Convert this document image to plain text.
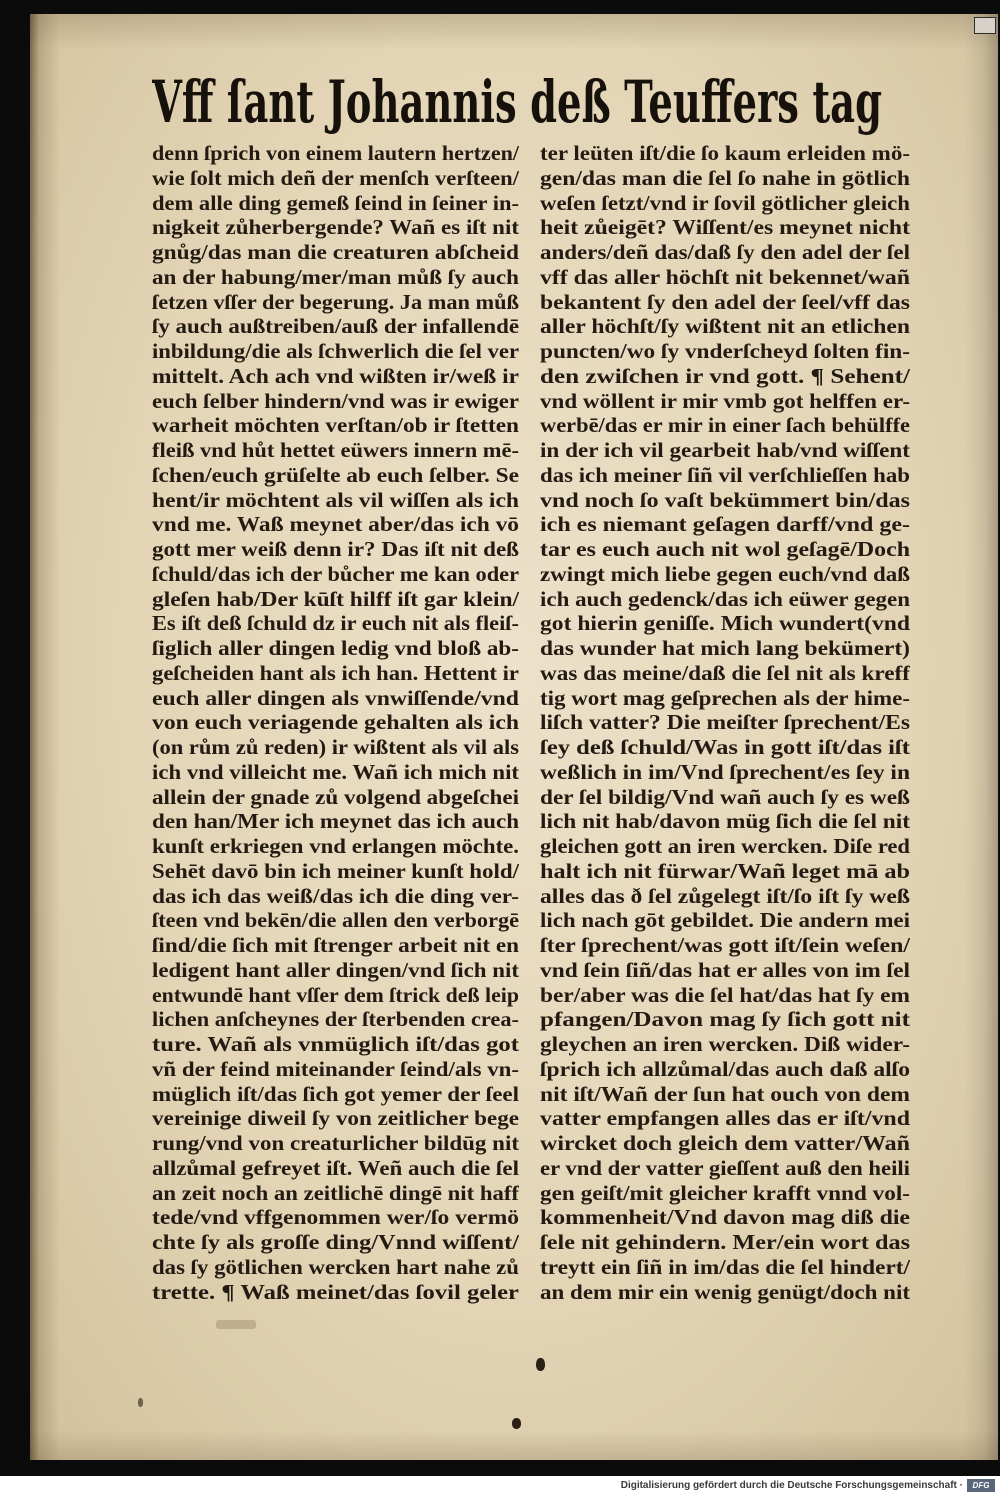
Vff ſant Johannis deß Teuffers tag
denn ſprich von einem lautern hertzen/
wie ſolt mich deñ der menſch verſteen/
dem alle ding gemeß ſeind in ſeiner in-
nigkeit zůherbergende? Wañ es iſt nit
gnůg/das man die creaturen abſcheid
an der habung/mer/man můß ſy auch
ſetzen vſſer der begerung. Ja man můß
ſy auch außtreiben/auß der infallendē
inbildung/die als ſchwerlich die ſel ver
mittelt. Ach ach vnd wißten ir/weß ir
euch ſelber hindern/vnd was ir ewiger
warheit möchten verſtan/ob ir ſtetten
fleiß vnd hůt hettet eüwers innern mē-
ſchen/euch grüſelte ab euch ſelber. Se
hent/ir möchtent als vil wiſſen als ich
vnd me. Waß meynet aber/das ich vō
gott mer weiß denn ir? Das iſt nit deß
ſchuld/das ich der bůcher me kan oder
gleſen hab/Der kūſt hilff iſt gar klein/
Es iſt deß ſchuld dz ir euch nit als fleiſ-
ſiglich aller dingen ledig vnd bloß ab-
geſcheiden hant als ich han. Hettent ir
euch aller dingen als vnwiſſende/vnd
von euch veriagende gehalten als ich
(on rům zů reden) ir wißtent als vil als
ich vnd villeicht me. Wañ ich mich nit
allein der gnade zů volgend abgeſchei
den han/Mer ich meynet das ich auch
kunſt erkriegen vnd erlangen möchte.
Sehēt davō bin ich meiner kunſt hold/
das ich das weiß/das ich die ding ver-
ſteen vnd bekēn/die allen den verborgē
ſind/die ſich mit ſtrenger arbeit nit en
ledigent hant aller dingen/vnd ſich nit
entwundē hant vſſer dem ſtrick deß leip
lichen anſcheynes der ſterbenden crea-
ture. Wañ als vnmüglich iſt/das got
vñ der feind miteinander ſeind/als vn-
müglich iſt/das ſich got yemer der ſeel
vereinige diweil ſy von zeitlicher bege
rung/vnd von creaturlicher bildūg nit
allzůmal gefreyet iſt. Weñ auch die ſel
an zeit noch an zeitlichē dingē nit haff
tede/vnd vffgenommen wer/ſo vermö
chte ſy als groſſe ding/Vnnd wiſſent/
das ſy götlichen wercken hart nahe zů
trette. ¶ Waß meinet/das ſovil geler
ter leüten iſt/die ſo kaum erleiden mö-
gen/das man die ſel ſo nahe in götlich
weſen ſetzt/vnd ir ſovil götlicher gleich
heit zůeigēt? Wiſſent/es meynet nicht
anders/deñ das/daß ſy den adel der ſel
vff das aller höchſt nit bekennet/wañ
bekantent ſy den adel der ſeel/vff das
aller höchſt/ſy wißtent nit an etlichen
puncten/wo ſy vnderſcheyd ſolten fin-
den zwiſchen ir vnd gott. ¶ Sehent/
vnd wöllent ir mir vmb got helffen er-
werbē/das er mir in einer ſach behülffe
in der ich vil gearbeit hab/vnd wiſſent
das ich meiner ſiñ vil verſchlieſſen hab
vnd noch ſo vaſt bekümmert bin/das
ich es niemant geſagen darff/vnd ge-
tar es euch auch nit wol geſagē/Doch
zwingt mich liebe gegen euch/vnd daß
ich auch gedenck/das ich eüwer gegen
got hierin geniſſe. Mich wundert(vnd
das wunder hat mich lang bekümert)
was das meine/daß die ſel nit als kreff
tig wort mag geſprechen als der hime-
liſch vatter? Die meiſter ſprechent/Es
ſey deß ſchuld/Was in gott iſt/das iſt
weßlich in im/Vnd ſprechent/es ſey in
der ſel bildig/Vnd wañ auch ſy es weß
lich nit hab/davon müg ſich die ſel nit
gleichen gott an iren wercken. Diſe red
halt ich nit fürwar/Wañ leget mā ab
alles das ð ſel zůgelegt iſt/ſo iſt ſy weß
lich nach gōt gebildet. Die andern mei
ſter ſprechent/was gott iſt/ſein weſen/
vnd ſein ſiñ/das hat er alles von im ſel
ber/aber was die ſel hat/das hat ſy em
pfangen/Davon mag ſy ſich gott nit
gleychen an iren wercken. Diß wider-
ſprich ich allzůmal/das auch daß alſo
nit iſt/Wañ der ſun hat ouch von dem
vatter empfangen alles das er iſt/vnd
wircket doch gleich dem vatter/Wañ
er vnd der vatter gieſſent auß den heili
gen geiſt/mit gleicher krafft vnnd vol-
kommenheit/Vnd davon mag diß die
ſele nit gehindern. Mer/ein wort das
treytt ein ſiñ in im/das die ſel hindert/
an dem mir ein wenig genügt/doch nit
Digitalisierung gefördert durch die Deutsche Forschungsgemeinschaft ·	DFG
